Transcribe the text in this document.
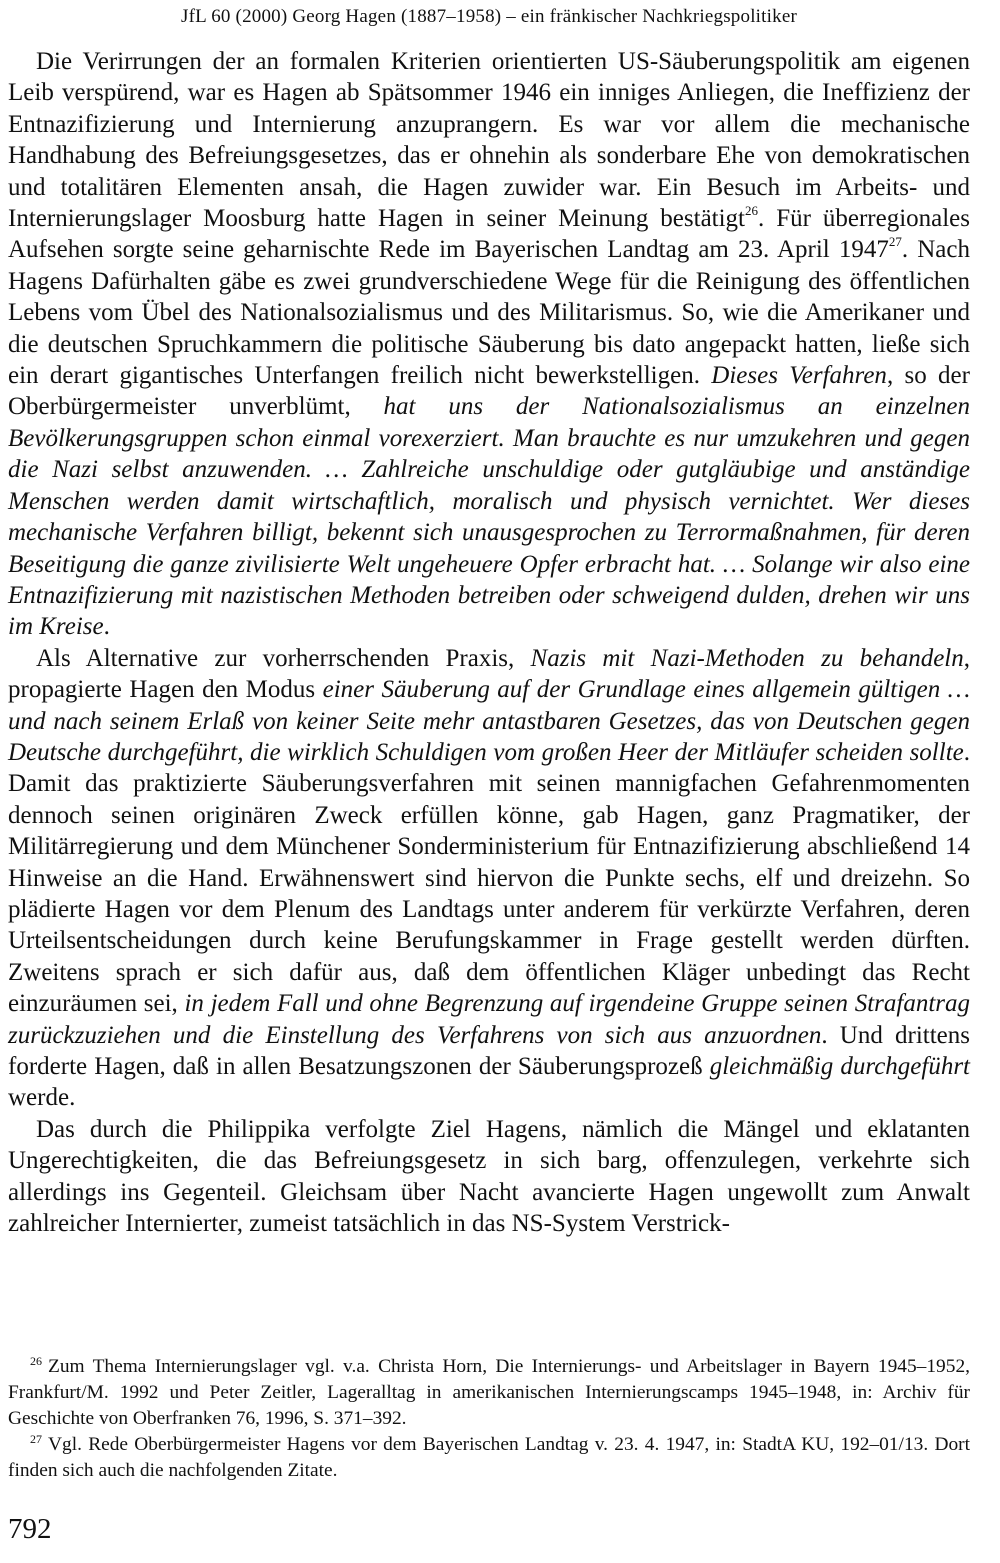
JfL 60 (2000) Georg Hagen (1887–1958) – ein fränkischer Nachkriegspolitiker

Die Verirrungen der an formalen Kriterien orientierten US-Säuberungspolitik am eigenen Leib verspürend, war es Hagen ab Spätsommer 1946 ein inniges Anliegen, die Ineffizienz der Entnazifizierung und Internierung anzuprangern. Es war vor allem die mechanische Handhabung des Befreiungsgesetzes, das er ohnehin als sonderbare Ehe von demokratischen und totalitären Elementen ansah, die Hagen zuwider war. Ein Besuch im Arbeits- und Internierungslager Moosburg hatte Hagen in seiner Meinung bestätigt$^{26}$. Für überregionales Aufsehen sorgte seine geharnischte Rede im Bayerischen Landtag am 23. April 1947$^{27}$. Nach Hagens Dafürhalten gäbe es zwei grundverschiedene Wege für die Reinigung des öffentlichen Lebens vom Übel des Nationalsozialismus und des Militarismus. So, wie die Amerikaner und die deutschen Spruchkammern die politische Säuberung bis dato angepackt hatten, ließe sich ein derart gigantisches Unterfangen freilich nicht bewerkstelligen. Dieses Verfahren, so der Oberbürgermeister unverblümt, hat uns der Nationalsozialismus an einzelnen Bevölkerungsgruppen schon einmal vorexerziert. Man brauchte es nur umzukehren und gegen die Nazi selbst anzuwenden. … Zahlreiche unschuldige oder gutgläubige und anständige Menschen werden damit wirtschaftlich, moralisch und physisch vernichtet. Wer dieses mechanische Verfahren billigt, bekennt sich unausgesprochen zu Terrormaßnahmen, für deren Beseitigung die ganze zivilisierte Welt ungeheuere Opfer erbracht hat. … Solange wir also eine Entnazifizierung mit nazistischen Methoden betreiben oder schweigend dulden, drehen wir uns im Kreise.

Als Alternative zur vorherrschenden Praxis, Nazis mit Nazi-Methoden zu behandeln, propagierte Hagen den Modus einer Säuberung auf der Grundlage eines allgemein gültigen … und nach seinem Erlaß von keiner Seite mehr antastbaren Gesetzes, das von Deutschen gegen Deutsche durchgeführt, die wirklich Schuldigen vom großen Heer der Mitläufer scheiden sollte. Damit das praktizierte Säuberungsverfahren mit seinen mannigfachen Gefahrenmomenten dennoch seinen originären Zweck erfüllen könne, gab Hagen, ganz Pragmatiker, der Militärregierung und dem Münchener Sonderministerium für Entnazifizierung abschließend 14 Hinweise an die Hand. Erwähnenswert sind hiervon die Punkte sechs, elf und dreizehn. So plädierte Hagen vor dem Plenum des Landtags unter anderem für verkürzte Verfahren, deren Urteilsentscheidungen durch keine Berufungskammer in Frage gestellt werden dürften. Zweitens sprach er sich dafür aus, daß dem öffentlichen Kläger unbedingt das Recht einzuräumen sei, in jedem Fall und ohne Begrenzung auf irgendeine Gruppe seinen Strafantrag zurückzuziehen und die Einstellung des Verfahrens von sich aus anzuordnen. Und drittens forderte Hagen, daß in allen Besatzungszonen der Säuberungsprozeß gleichmäßig durchgeführt werde.

Das durch die Philippika verfolgte Ziel Hagens, nämlich die Mängel und eklatanten Ungerechtigkeiten, die das Befreiungsgesetz in sich barg, offenzulegen, verkehrte sich allerdings ins Gegenteil. Gleichsam über Nacht avancierte Hagen ungewollt zum Anwalt zahlreicher Internierter, zumeist tatsächlich in das NS-System Verstrick-

$^{26}$ Zum Thema Internierungslager vgl. v.a. Christa Horn, Die Internierungs- und Arbeitslager in Bayern 1945–1952, Frankfurt/M. 1992 und Peter Zeitler, Lageralltag in amerikanischen Internierungscamps 1945–1948, in: Archiv für Geschichte von Oberfranken 76, 1996, S. 371–392.

$^{27}$ Vgl. Rede Oberbürgermeister Hagens vor dem Bayerischen Landtag v. 23. 4. 1947, in: StadtA KU, 192–01/13. Dort finden sich auch die nachfolgenden Zitate.

792
